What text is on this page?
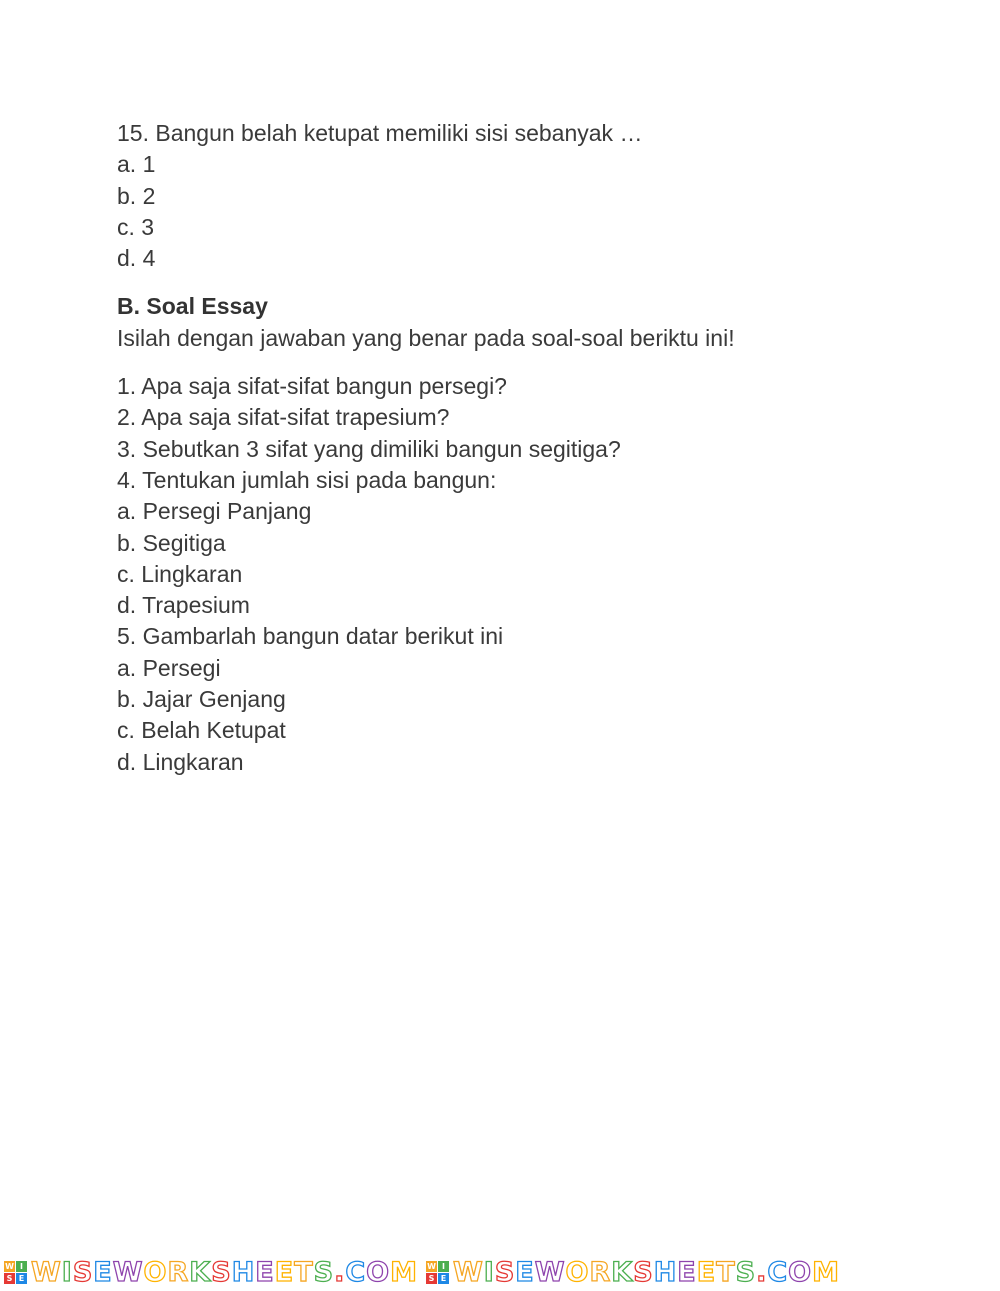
15. Bangun belah ketupat memiliki sisi sebanyak …
a. 1
b. 2
c. 3
d. 4
B. Soal Essay
Isilah dengan jawaban yang benar pada soal-soal beriktu ini!
1. Apa saja sifat-sifat bangun persegi?
2. Apa saja sifat-sifat trapesium?
3. Sebutkan 3 sifat yang dimiliki bangun segitiga?
4. Tentukan jumlah sisi pada bangun:
a. Persegi Panjang
b. Segitiga
c. Lingkaran
d. Trapesium
5. Gambarlah bangun datar berikut ini
a. Persegi
b. Jajar Genjang
c. Belah Ketupat
d. Lingkaran
W I
S E WISEWORKSHEETS.COM W I
S E WISEWORKSHEETS.COM
